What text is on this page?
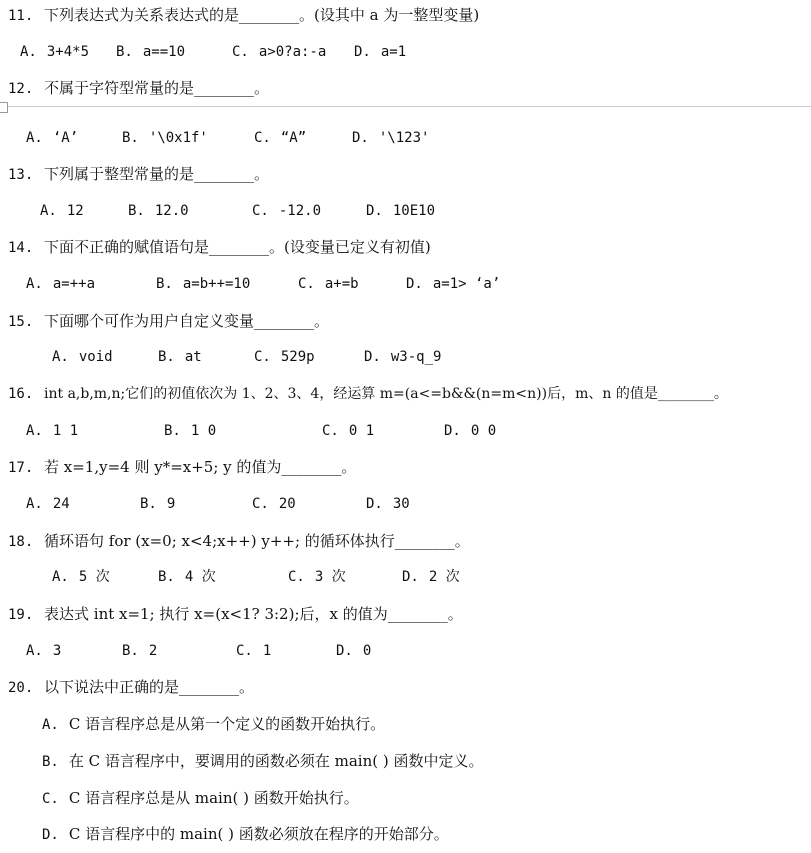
11. 下列表达式为关系表达式的是________。(设其中 a 为一整型变量)
A. 3+4*5 B. a==10	C. a>0?a:-a D. a=1
12. 不属于字符型常量的是________。
A. ‘A’	B. '\0x1f'	C. “A”	D. '\123'
13. 下列属于整型常量的是________。
A. 12	B. 12.0	C. -12.0	D. 10E10
14. 下面不正确的赋值语句是________。(设变量已定义有初值)
A. a=++a	B. a=b++=10	C. a+=b	D. a=1> ‘a’
15. 下面哪个可作为用户自定义变量________。
A. void	B. at	C. 529p	D. w3-q_9
16. int a,b,m,n;它们的初值依次为 1、2、3、4，经运算 m=(a<=b&&(n=m<n))后，m、n 的值是________。
A. 1 1	B. 1 0	C. 0 1	D. 0 0
17. 若 x=1,y=4 则 y*=x+5; y 的值为________。
A. 24	B. 9	C. 20	D. 30
18. 循环语句 for (x=0; x<4;x++) y++; 的循环体执行________。
A. 5 次	B. 4 次	C. 3 次	D. 2 次
19. 表达式 int x=1; 执行 x=(x<1? 3:2);后，x 的值为________。
A. 3	B. 2	C. 1	D. 0
20. 以下说法中正确的是________。
A. C 语言程序总是从第一个定义的函数开始执行。
B. 在 C 语言程序中，要调用的函数必须在 main( ) 函数中定义。
C. C 语言程序总是从 main( ) 函数开始执行。
D. C 语言程序中的 main( ) 函数必须放在程序的开始部分。
